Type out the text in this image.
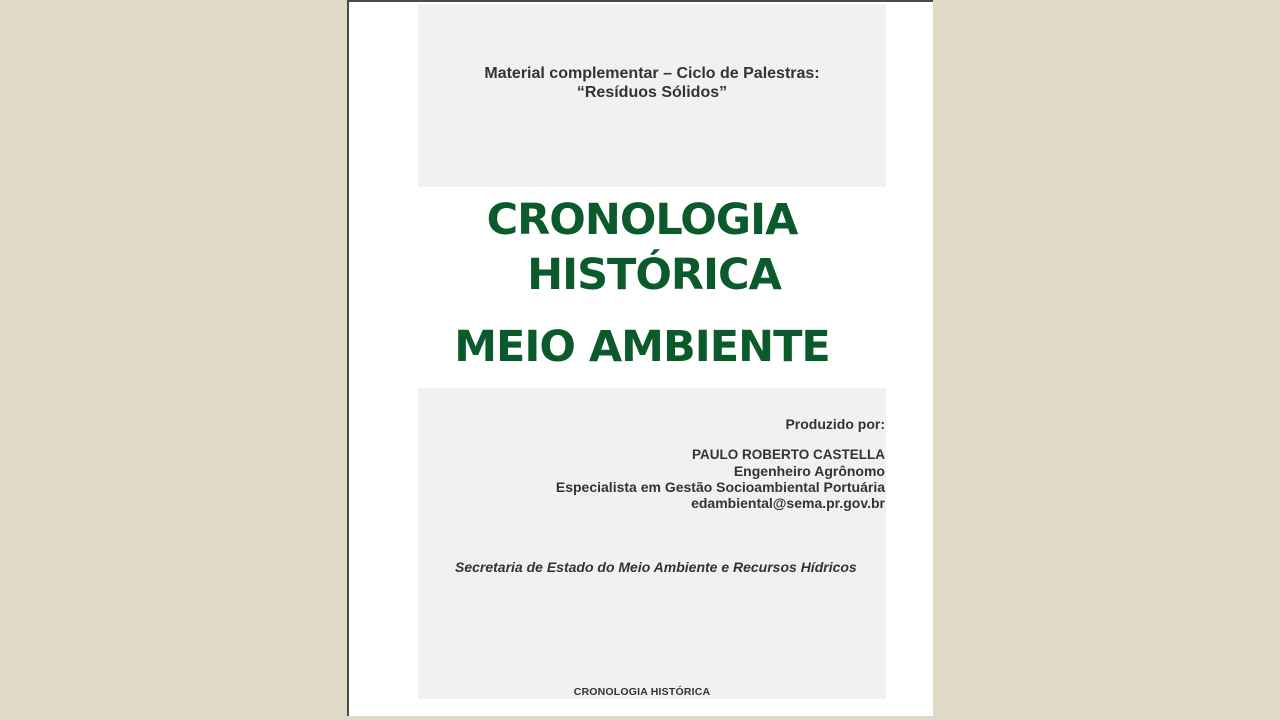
Material complementar – Ciclo de Palestras:
“Resíduos Sólidos”
CRONOLOGIA
HISTÓRICA
MEIO AMBIENTE
Produzido por:
PAULO ROBERTO CASTELLA
Engenheiro Agrônomo
Especialista em Gestão Socioambiental Portuária
edambiental@sema.pr.gov.br
Secretaria de Estado do Meio Ambiente e Recursos Hídricos
CRONOLOGIA HISTÓRICA
